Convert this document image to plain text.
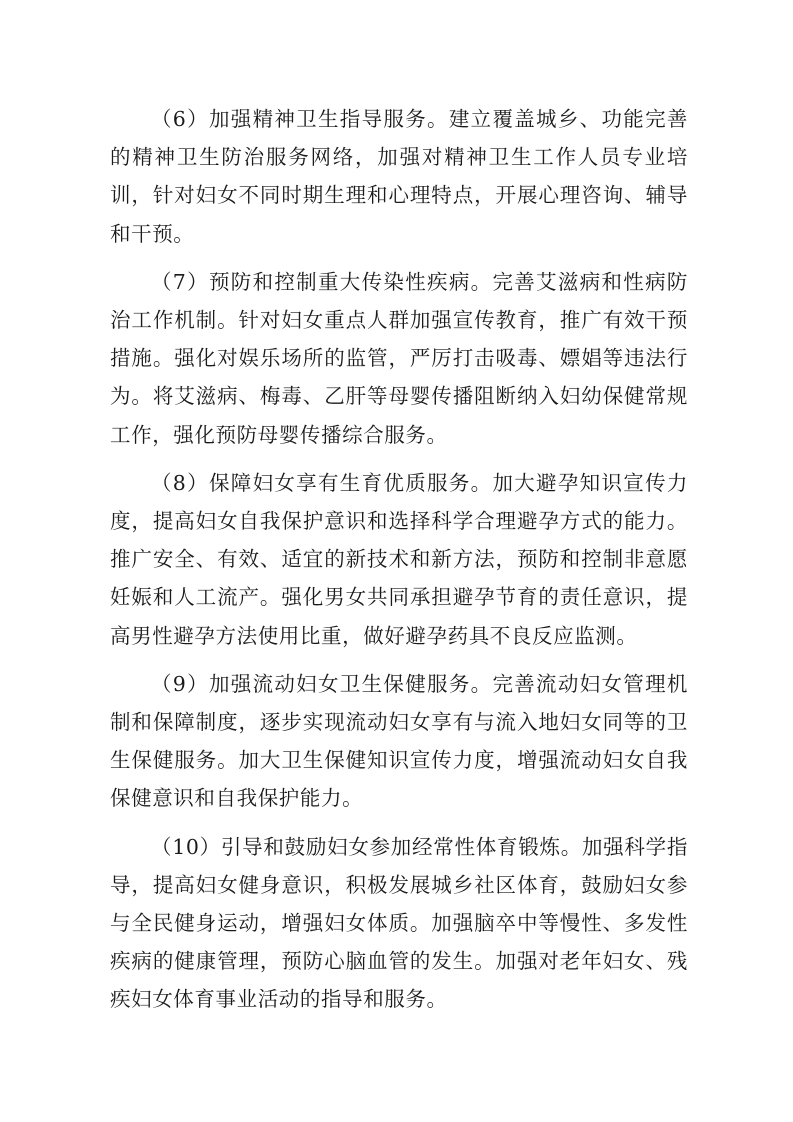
（6）加强精神卫生指导服务。建立覆盖城乡、功能完善的精神卫生防治服务网络，加强对精神卫生工作人员专业培训，针对妇女不同时期生理和心理特点，开展心理咨询、辅导和干预。

（7）预防和控制重大传染性疾病。完善艾滋病和性病防治工作机制。针对妇女重点人群加强宣传教育，推广有效干预措施。强化对娱乐场所的监管，严厉打击吸毒、嫖娼等违法行为。将艾滋病、梅毒、乙肝等母婴传播阻断纳入妇幼保健常规工作，强化预防母婴传播综合服务。

（8）保障妇女享有生育优质服务。加大避孕知识宣传力度，提高妇女自我保护意识和选择科学合理避孕方式的能力。推广安全、有效、适宜的新技术和新方法，预防和控制非意愿妊娠和人工流产。强化男女共同承担避孕节育的责任意识，提高男性避孕方法使用比重，做好避孕药具不良反应监测。

（9）加强流动妇女卫生保健服务。完善流动妇女管理机制和保障制度，逐步实现流动妇女享有与流入地妇女同等的卫生保健服务。加大卫生保健知识宣传力度，增强流动妇女自我保健意识和自我保护能力。

（10）引导和鼓励妇女参加经常性体育锻炼。加强科学指导，提高妇女健身意识，积极发展城乡社区体育，鼓励妇女参与全民健身运动，增强妇女体质。加强脑卒中等慢性、多发性疾病的健康管理，预防心脑血管的发生。加强对老年妇女、残疾妇女体育事业活动的指导和服务。
